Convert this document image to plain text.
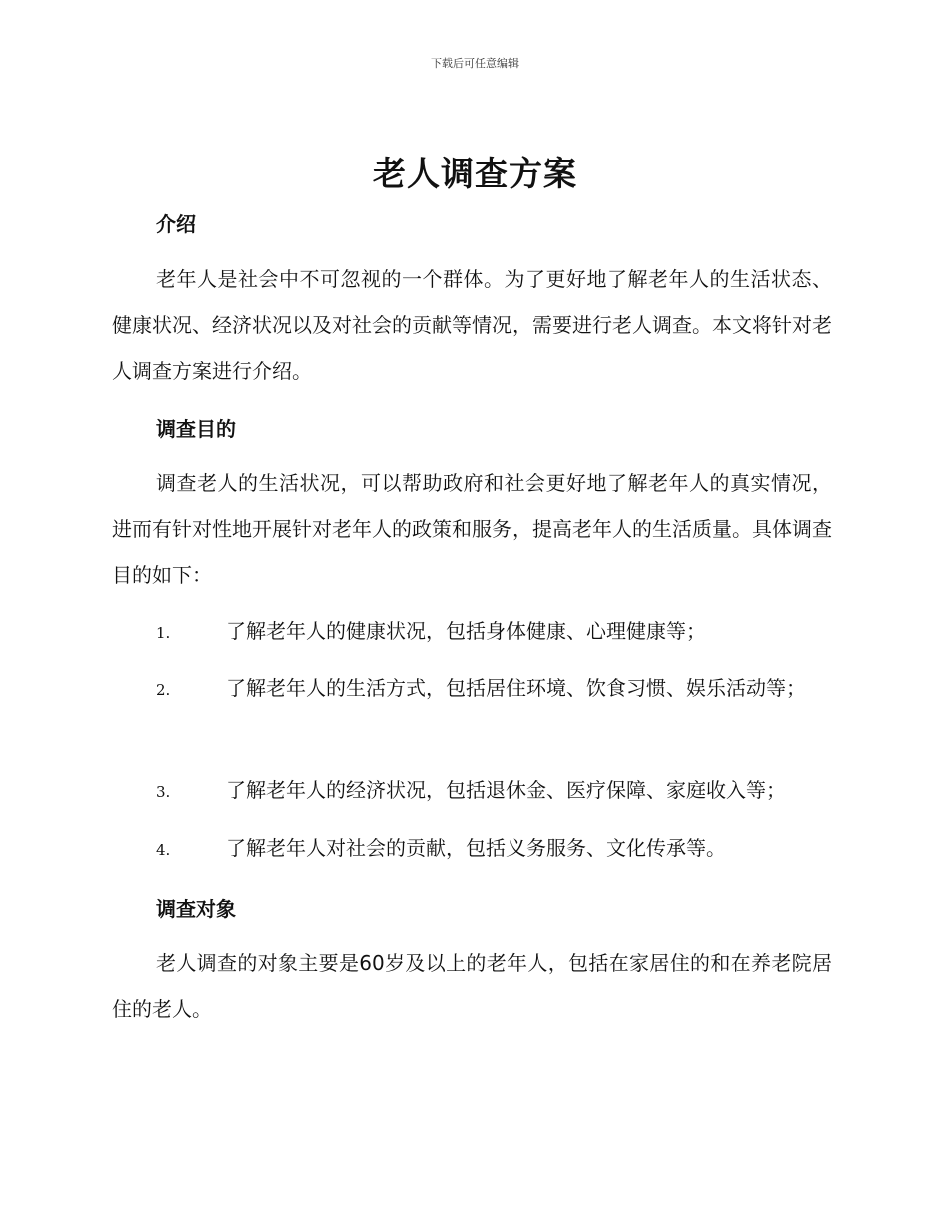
下载后可任意编辑
老人调查方案
介绍

老年人是社会中不可忽视的一个群体。为了更好地了解老年人的生活状态、健康状况、经济状况以及对社会的贡献等情况，需要进行老人调查。本文将针对老人调查方案进行介绍。

调查目的

调查老人的生活状况，可以帮助政府和社会更好地了解老年人的真实情况，进而有针对性地开展针对老年人的政策和服务，提高老年人的生活质量。具体调查目的如下：

1.	了解老年人的健康状况，包括身体健康、心理健康等；
2.	了解老年人的生活方式，包括居住环境、饮食习惯、娱乐活动等；
3.	了解老年人的经济状况，包括退休金、医疗保障、家庭收入等；
4.	了解老年人对社会的贡献，包括义务服务、文化传承等。
调查对象

老人调查的对象主要是60岁及以上的老年人，包括在家居住的和在养老院居住的老人。
